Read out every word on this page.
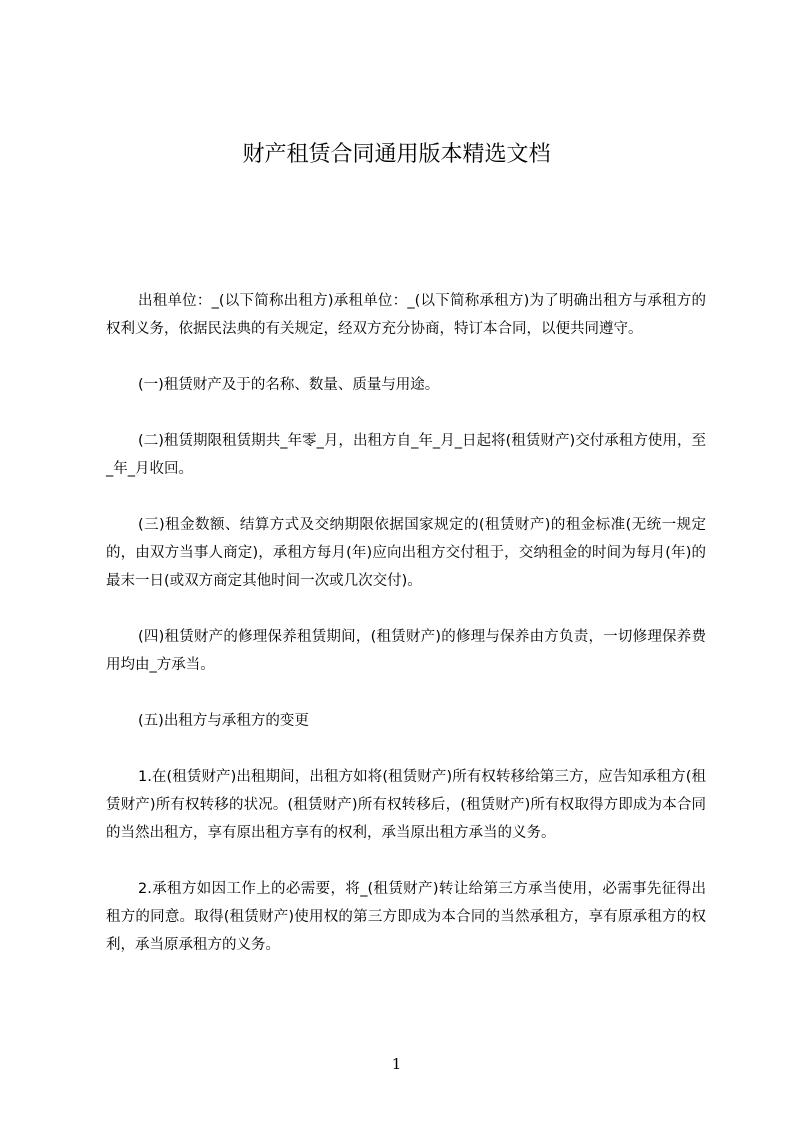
财产租赁合同通用版本精选文档

出租单位：_(以下简称出租方)承租单位：_(以下简称承租方)为了明确出租方与承租方的权利义务，依据民法典的有关规定，经双方充分协商，特订本合同，以便共同遵守。

(一)租赁财产及于的名称、数量、质量与用途。

(二)租赁期限租赁期共_年零_月，出租方自_年_月_日起将(租赁财产)交付承租方使用，至_年_月收回。

(三)租金数额、结算方式及交纳期限依据国家规定的(租赁财产)的租金标准(无统一规定的，由双方当事人商定)，承租方每月(年)应向出租方交付租于，交纳租金的时间为每月(年)的最末一日(或双方商定其他时间一次或几次交付)。

(四)租赁财产的修理保养租赁期间，(租赁财产)的修理与保养由方负责，一切修理保养费用均由_方承当。

(五)出租方与承租方的变更

1.在(租赁财产)出租期间，出租方如将(租赁财产)所有权转移给第三方，应告知承租方(租赁财产)所有权转移的状况。(租赁财产)所有权转移后，(租赁财产)所有权取得方即成为本合同的当然出租方，享有原出租方享有的权利，承当原出租方承当的义务。

2.承租方如因工作上的必需要，将_(租赁财产)转让给第三方承当使用，必需事先征得出租方的同意。取得(租赁财产)使用权的第三方即成为本合同的当然承租方，享有原承租方的权利，承当原承租方的义务。

1
